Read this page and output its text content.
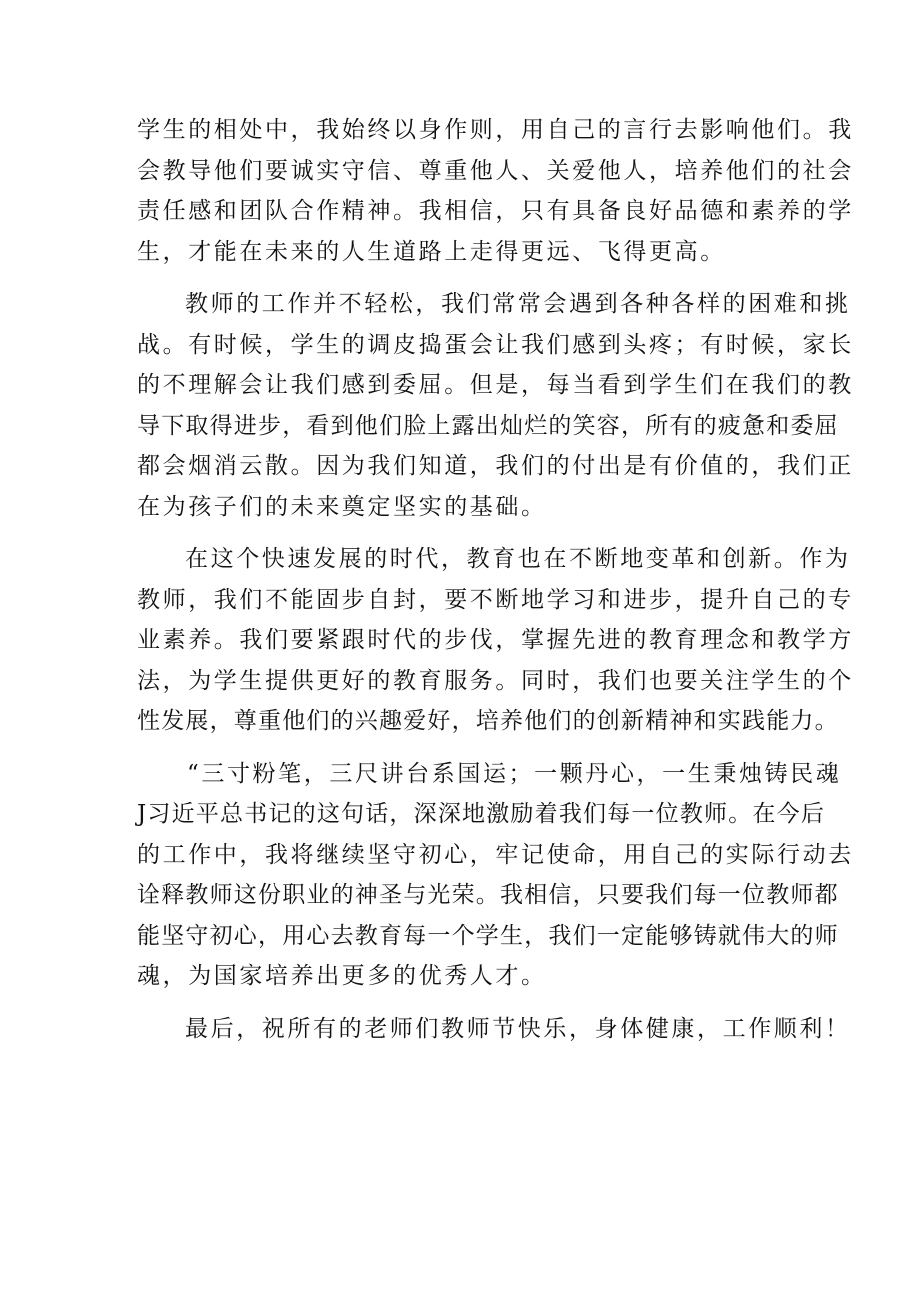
学生的相处中，我始终以身作则，用自己的言行去影响他们。我
会教导他们要诚实守信、尊重他人、关爱他人，培养他们的社会
责任感和团队合作精神。我相信，只有具备良好品德和素养的学
生，才能在未来的人生道路上走得更远、飞得更高。

教师的工作并不轻松，我们常常会遇到各种各样的困难和挑
战。有时候，学生的调皮捣蛋会让我们感到头疼；有时候，家长
的不理解会让我们感到委屈。但是，每当看到学生们在我们的教
导下取得进步，看到他们脸上露出灿烂的笑容，所有的疲惫和委屈
都会烟消云散。因为我们知道，我们的付出是有价值的，我们正
在为孩子们的未来奠定坚实的基础。

在这个快速发展的时代，教育也在不断地变革和创新。作为
教师，我们不能固步自封，要不断地学习和进步，提升自己的专
业素养。我们要紧跟时代的步伐，掌握先进的教育理念和教学方
法，为学生提供更好的教育服务。同时，我们也要关注学生的个
性发展，尊重他们的兴趣爱好，培养他们的创新精神和实践能力。

“三寸粉笔，三尺讲台系国运；一颗丹心，一生秉烛铸民魂
J习近平总书记的这句话，深深地激励着我们每一位教师。在今后
的工作中，我将继续坚守初心，牢记使命，用自己的实际行动去
诠释教师这份职业的神圣与光荣。我相信，只要我们每一位教师都
能坚守初心，用心去教育每一个学生，我们一定能够铸就伟大的师
魂，为国家培养出更多的优秀人才。

最后，祝所有的老师们教师节快乐，身体健康，工作顺利！
